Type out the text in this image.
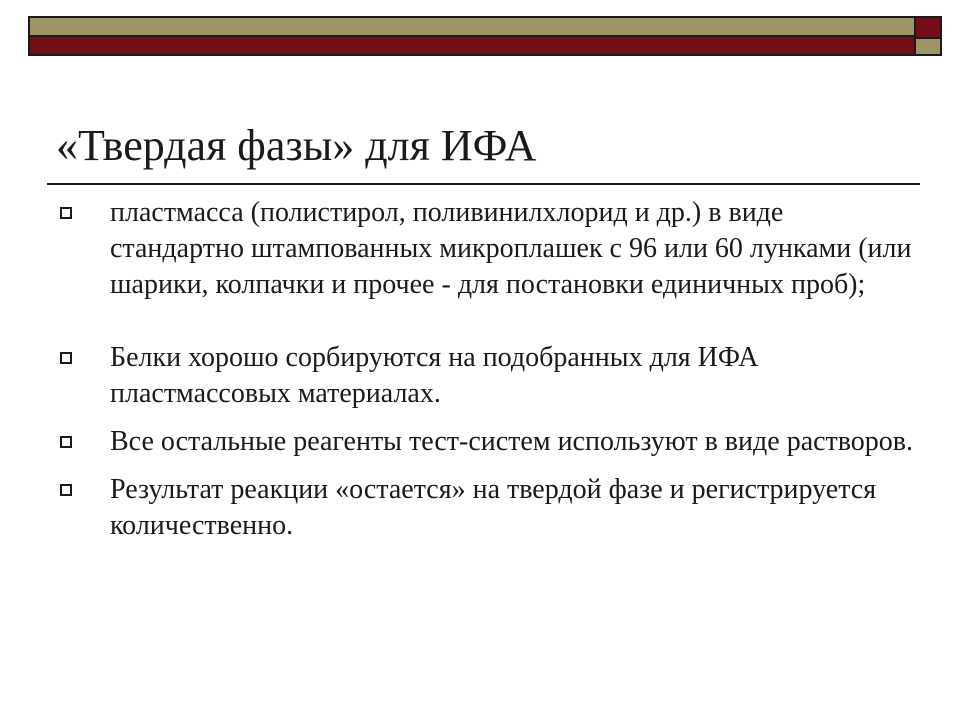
«Твердая фазы» для ИФА
пластмасса (полистирол, поливинилхлорид и др.) в виде стандартно штампованных микроплашек с 96 или 60 лунками (или шарики, колпачки и прочее - для постановки единичных проб);
Белки хорошо сорбируются на подобранных для ИФА пластмассовых материалах.
Все остальные реагенты тест-систем используют в виде растворов.
Результат реакции «остается» на твердой фазе и регистрируется количественно.
